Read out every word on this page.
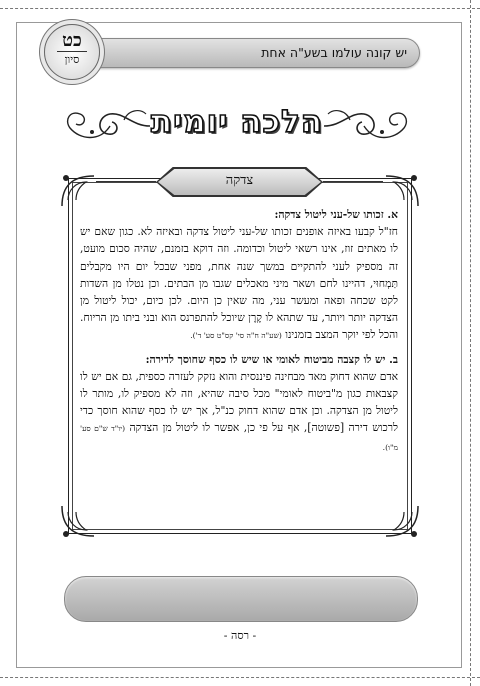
יש קונה עולמו בשע"ה אחת
כט
סיון
הלכה יומית
צדקה

א. זכותו של-עני ליטול צדקה:
חז"ל קבעו באיזה אופנים זכותו של-עני ליטול צדקה ובאיזה לא. כגון שאם יש לו מאתים זוז, אינו רשאי ליטול וכדומה. וזה דוקא בזמנם, שהיה סכום מועט, זה מספיק לעני להתקיים במשך שנה אחת, מפני שבכל יום היו מקבלים תַּמְחוּי, דהיינו לחם ושאר מיני מאכלים שגבו מן הבתים. וכן נטלו מן השדות לקט שכחה ופאה ומעשר עני, מה שאין כן היום. לכן כיום, יכול ליטול מן הצדקה יותר ויותר, עד שתהא לו קֶרֶן שיוכל להתפרנס הוא ובני ביתו מן הריוח. והכל לפי יוקר המצב בזמנינו (שע"ה ח"ה סי' קס"ט סע' ד').

ב. יש לו קצבה מביטוח לאומי או שיש לו כסף שחוסך לדירה:
אדם שהוא דחוק מאד מבחינה פיננסית והוא נזקק לעזרה כספית, גם אם יש לו קצבאות כגון מ"ביטוח לאומי" מכל סיבה שהיא, וזה לא מספיק לו, מותר לו ליטול מן הצדקה. וכן אדם שהוא דחוק כנ"ל, אך יש לו כסף שהוא חוסך כדי לרכוש דירה [פשוטה], אף על פי כן, אפשר לו ליטול מן הצדקה (יו"ד ש"ם סע' מ"ו).

- רסה -
